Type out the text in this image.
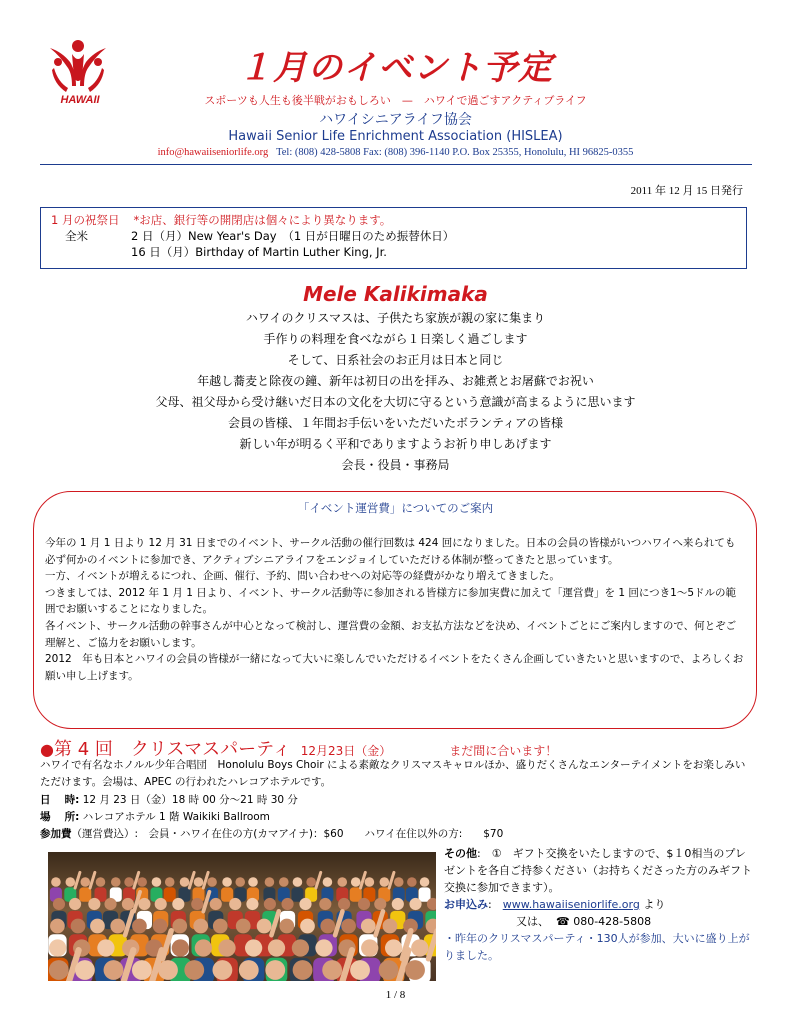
HAWAII
１月のイベント予定
スポーツも人生も後半戦がおもしろい　—　ハワイで過ごすアクティブライフ
ハワイシニアライフ協会
Hawaii Senior Life Enrichment Association (HISLEA)
info@hawaiiseniorlife.org Tel: (808) 428-5808 Fax: (808) 396-1140 P.O. Box 25355, Honolulu, HI 96825-0355
2011 年 12 月 15 日発行
1 月の祝祭日 *お店、銀行等の開閉店は個々により異なります。
全米	2 日（月）New Year's Day　（1 日が日曜日のため振替休日）
16 日（月）Birthday of Martin Luther King, Jr.
Mele Kalikimaka
ハワイのクリスマスは、子供たち家族が親の家に集まり
手作りの料理を食べながら１日楽しく過ごします
そして、日系社会のお正月は日本と同じ
年越し蕎麦と除夜の鐘、新年は初日の出を拝み、お雑煮とお屠蘇でお祝い
父母、祖父母から受け継いだ日本の文化を大切に守るという意識が高まるように思います
会員の皆様、１年間お手伝いをいただいたボランティアの皆様
新しい年が明るく平和でありますようお祈り申しあげます
会長・役員・事務局
「イベント運営費」についてのご案内

今年の 1 月 1 日より 12 月 31 日までのイベント、サークル活動の催行回数は 424 回になりました。日本の会員の皆様がいつハワイへ来られても必ず何かのイベントに参加でき、アクティブシニアライフをエンジョイしていただける体制が整ってきたと思っています。

一方、イベントが増えるにつれ、企画、催行、予約、問い合わせへの対応等の経費がかなり増えてきました。

つきましては、2012 年 1 月 1 日より、イベント、サークル活動等に参加される皆様方に参加実費に加えて「運営費」を 1 回につき1～5ドルの範囲でお願いすることになりました。

各イベント、サークル活動の幹事さんが中心となって検討し、運営費の金額、お支払方法などを決め、イベントごとにご案内しますので、何とぞご理解と、ご協力をお願いします。

2012　年も日本とハワイの会員の皆様が一緒になって大いに楽しんでいただけるイベントをたくさん企画していきたいと思いますので、よろしくお願い申し上げます。

●第 4 回　クリスマスパーティ 12月23日（金）	まだ間に合います！
ハワイで有名なホノルル少年合唱団　Honolulu Boys Choir による素敵なクリスマスキャロルほか、盛りだくさんなエンターテイメントをお楽しみいただけます。会場は、APEC の行われたハレコアホテルです。
日　 時: 12 月 23 日（金）18 時 00 分～21 時 30 分
場　 所: ハレコアホテル 1 階 Waikiki Ballroom
参加費（運営費込）:　会員・ハワイ在住の方(カマアイナ)：$60　　ハワイ在住以外の方:　　$70
その他:　①　ギフト交換をいたしますので、$１0相当のプレゼントを各自ご持参ください（お持ちくださった方のみギフト交換に参加できます）。
お申込み:　www.hawaiiseniorlife.org より
又は、 ☎ 080-428-5808
・昨年のクリスマスパーティ・130人が参加、大いに盛り上がりました。
1 / 8
